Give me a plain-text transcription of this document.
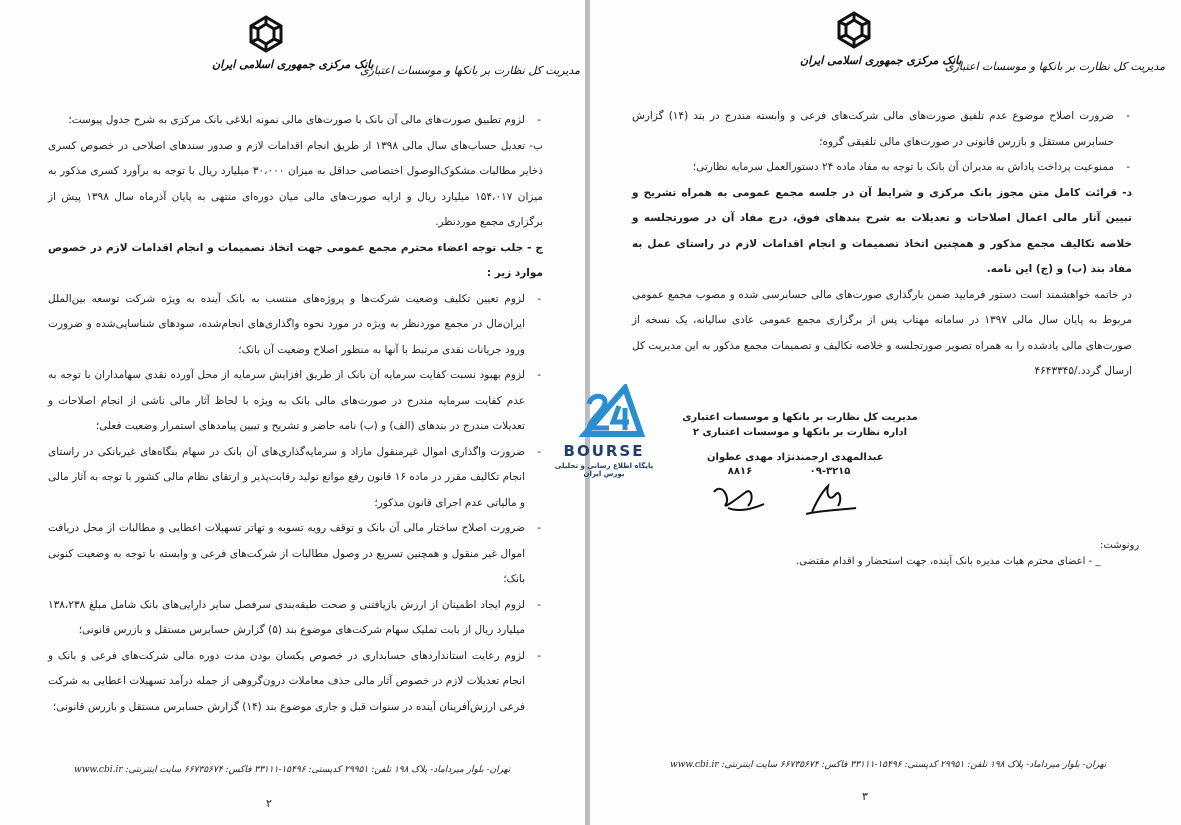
بانک مرکزی جمهوری اسلامی ایران
مدیریت کل نظارت بر بانکها و موسسات اعتباری

- لزوم تطبیق صورت‌های مالی آن بانک با صورت‌های مالی نمونه ابلاغی بانک مرکزی به شرح جدول پیوست؛

ب- تعدیل حساب‌های سال مالی ۱۳۹۸ از طریق انجام اقدامات لازم و صدور سندهای اصلاحی در خصوص کسری ذخایر مطالبات مشکوک‌الوصول اختصاصی حداقل به میزان ۳۰،۰۰۰ میلیارد ریال با توجه به برآورد کسری مذکور به میزان ۱۵۴،۰۱۷ میلیارد ریال و ارایه صورت‌های مالی میان دوره‌ای منتهی به پایان آذرماه سال ۱۳۹۸ پیش از برگزاری مجمع موردنظر.

ج - جلب توجه اعضاء محترم مجمع عمومی جهت اتخاذ تصمیمات و انجام اقدامات لازم در خصوص موارد زیر :

- لزوم تعیین تکلیف وضعیت شرکت‌ها و پروژه‌های منتسب به بانک آینده به ویژه شرکت توسعه بین‌الملل ایران‌مال در مجمع موردنظر به ویژه در مورد نحوه واگذاری‌های انجام‌شده، سودهای شناسایی‌شده و ضرورت ورود جریانات نقدی مرتبط با آنها به منظور اصلاح وضعیت آن بانک؛

- لزوم بهبود نسبت کفایت سرمایه آن بانک از طریق افزایش سرمایه از محل آورده نقدی سهامداران با توجه به عدم کفایت سرمایه مندرج در صورت‌های مالی بانک به ویژه با لحاظ آثار مالی ناشی از انجام اصلاحات و تعدیلات مندرج در بندهای (الف) و (ب) نامه حاضر و تشریح و تبیین پیامدهای استمرار وضعیت فعلی؛

- ضرورت واگذاری اموال غیرمنقول مازاد و سرمایه‌گذاری‌های آن بانک در سهام بنگاه‌های غیربانکی در راستای انجام تکالیف مقرر در ماده ۱۶ قانون رفع موانع تولید رقابت‌پذیر و ارتقای نظام مالی کشور با توجه به آثار مالی و مالیاتی عدم اجرای قانون مذکور؛

- ضرورت اصلاح ساختار مالی آن بانک و توقف رویه تسویه و تهاتر تسهیلات اعطایی و مطالبات از محل دریافت اموال غیر منقول و همچنین تسریع در وصول مطالبات از شرکت‌های فرعی و وابسته با توجه به وضعیت کنونی بانک؛

- لزوم ایجاد اطمینان از ارزش بازیافتنی و صحت طبقه‌بندی سرفصل سایر دارایی‌های بانک شامل مبلغ ۱۳۸،۲۳۸ میلیارد ریال از بابت تملیک سهام شرکت‌های موضوع بند (۵) گزارش حسابرس مستقل و بازرس قانونی؛

- لزوم رعایت استانداردهای حسابداری در خصوص یکسان بودن مدت دوره مالی شرکت‌های فرعی و بانک و انجام تعدیلات لازم در خصوص آثار مالی حذف معاملات درون‌گروهی از جمله درآمد تسهیلات اعطایی به شرکت فرعی ارزش‌آفرینان آینده در سنوات قبل و جاری موضوع بند (۱۴) گزارش حسابرس مستقل و بازرس قانونی؛

تهران- بلوار میرداماد- پلاک ۱۹۸ تلفن: ۲۹۹۵۱ کدپستی: ۱۵۴۹۶-۳۳۱۱۱ فاکس: ۶۶۷۳۵۶۷۴ سایت اینترنتی: www.cbi.ir
۲
بانک مرکزی جمهوری اسلامی ایران
مدیریت کل نظارت بر بانکها و موسسات اعتباری

- ضرورت اصلاح موضوع عدم تلفیق صورت‌های مالی شرکت‌های فرعی و وابسته مندرج در بند (۱۴) گزارش حسابرس مستقل و بازرس قانونی در صورت‌های مالی تلفیقی گروه؛

- ممنوعیت پرداخت پاداش به مدیران آن بانک با توجه به مفاد ماده ۲۴ دستورالعمل سرمایه نظارتی؛

د- قرائت کامل متن مجوز بانک مرکزی و شرایط آن در جلسه مجمع عمومی به همراه تشریح و تبیین آثار مالی اعمال اصلاحات و تعدیلات به شرح بندهای فوق، درج مفاد آن در صورتجلسه و خلاصه تکالیف مجمع مذکور و همچنین اتخاذ تصمیمات و انجام اقدامات لازم در راستای عمل به مفاد بند (ب) و (ج) این نامه.

در خاتمه خواهشمند است دستور فرمایید ضمن بارگذاری صورت‌های مالی حسابرسی شده و مصوب مجمع عمومی مربوط به پایان سال مالی ۱۳۹۷ در سامانه مهتاب پس از برگزاری مجمع عمومی عادی سالیانه، یک نسخه از صورت‌های مالی یادشده را به همراه تصویر صورتجلسه و خلاصه تکالیف و تصمیمات مجمع مذکور به این مدیریت کل ارسال گردد./۴۶۴۳۳۴۵

مدیریت کل نظارت بر بانکها و موسسات اعتباری
اداره نظارت بر بانکها و موسسات اعتباری ۲
عبدالمهدی ارجمندنژاد
۰۹-۳۲۱۵
مهدی عطوان
۸۸۱۶
رونوشت:
_ - اعضای محترم هیات مدیره بانک آینده، جهت استحضار و اقدام مقتضی.
تهران- بلوار میرداماد- پلاک ۱۹۸ تلفن: ۲۹۹۵۱ کدپستی: ۱۵۴۹۶-۳۳۱۱۱ فاکس: ۶۶۷۳۵۶۷۴ سایت اینترنتی: www.cbi.ir
۳
BOURSE
پایگاه اطلاع رسانی و تحلیلی بورس ایران
